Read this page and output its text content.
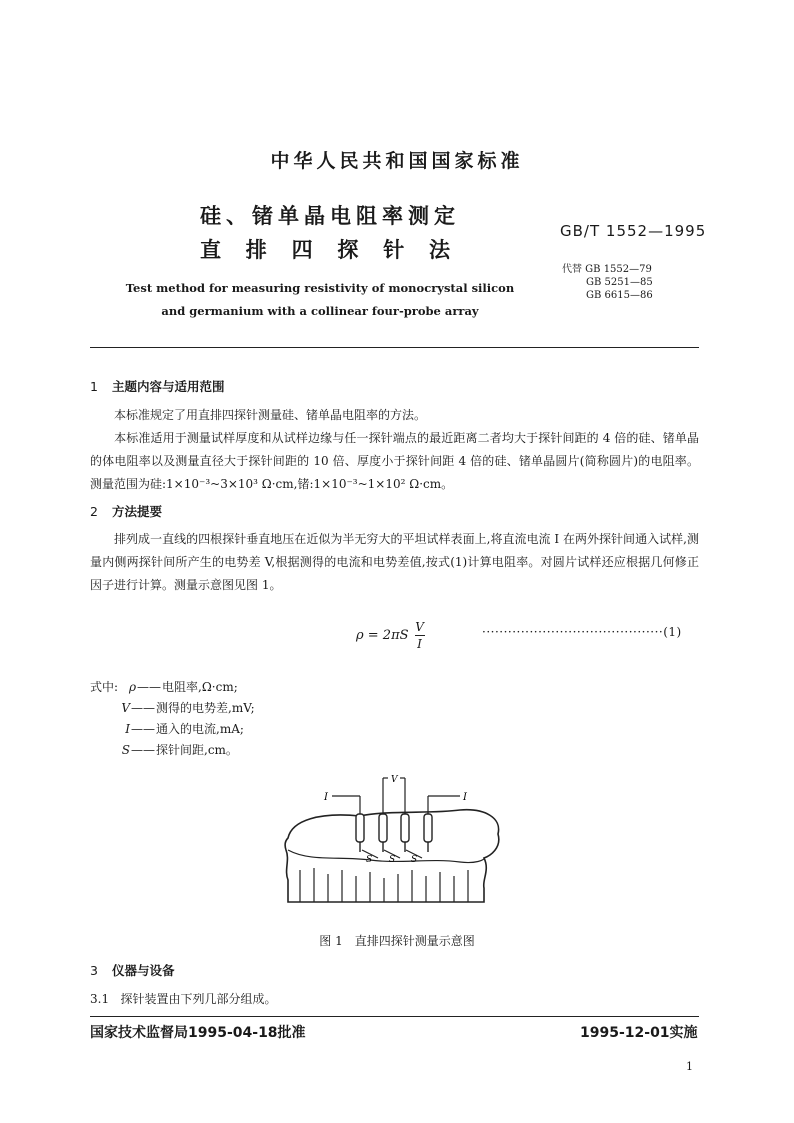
中华人民共和国国家标准
硅、锗单晶电阻率测定
直 排 四 探 针 法
GB/T 1552—1995
代替 GB 1552—79
GB 5251—85
GB 6615—86
Test method for measuring resistivity of monocrystal silicon
and germanium with a collinear four-probe array
1 主题内容与适用范围
本标准规定了用直排四探针测量硅、锗单晶电阻率的方法。
本标准适用于测量试样厚度和从试样边缘与任一探针端点的最近距离二者均大于探针间距的 4 倍的硅、锗单晶的体电阻率以及测量直径大于探针间距的 10 倍、厚度小于探针间距 4 倍的硅、锗单晶圆片(简称圆片)的电阻率。测量范围为硅:1×10⁻³~3×10³ Ω·cm,锗:1×10⁻³~1×10² Ω·cm。
2 方法提要
排列成一直线的四根探针垂直地压在近似为半无穷大的平坦试样表面上,将直流电流 I 在两外探针间通入试样,测量内侧两探针间所产生的电势差 V,根据测得的电流和电势差值,按式(1)计算电阻率。对圆片试样还应根据几何修正因子进行计算。测量示意图见图 1。
$\rho = 2\pi S \frac{V}{I}$	··········································(1)
式中: ρ —— 电阻率,Ω·cm;
V —— 测得的电势差,mV;
I —— 通入的电流,mA;
S —— 探针间距,cm。
I	I
V
S S S
图 1　直排四探针测量示意图
3 仪器与设备
3.1 探针装置由下列几部分组成。
国家技术监督局1995-04-18批准	1995-12-01实施
1
